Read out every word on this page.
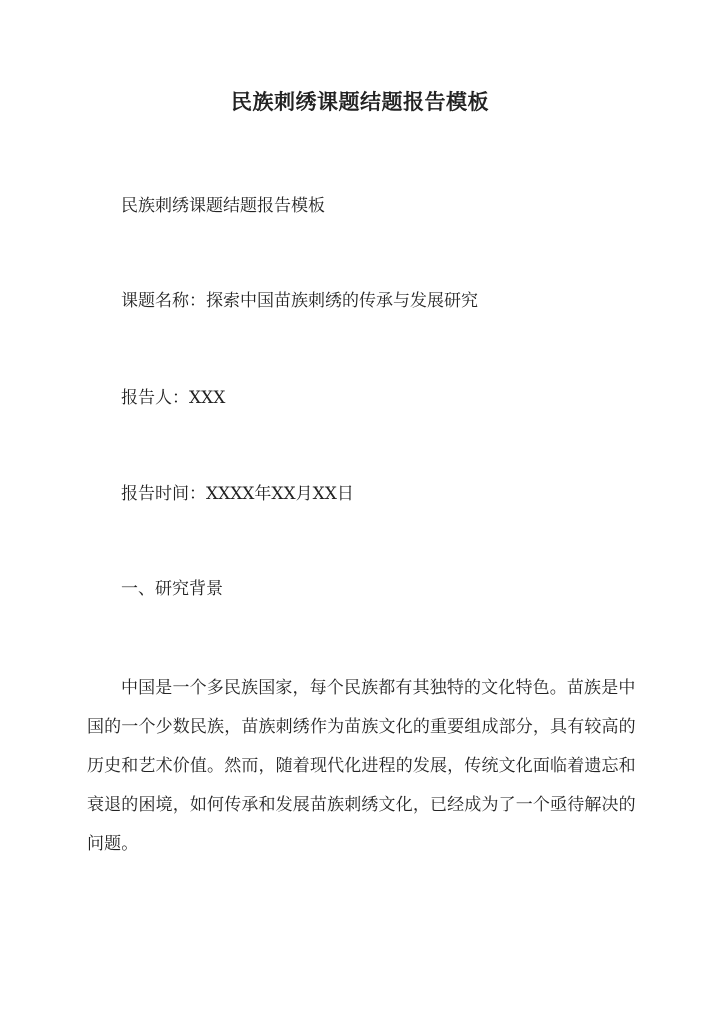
民族刺绣课题结题报告模板
民族刺绣课题结题报告模板
课题名称：探索中国苗族刺绣的传承与发展研究
报告人：XXX
报告时间：XXXX年XX月XX日
一、研究背景
中国是一个多民族国家，每个民族都有其独特的文化特色。苗族是中
国的一个少数民族，苗族刺绣作为苗族文化的重要组成部分，具有较高的
历史和艺术价值。然而，随着现代化进程的发展，传统文化面临着遗忘和
衰退的困境，如何传承和发展苗族刺绣文化，已经成为了一个亟待解决的
问题。
